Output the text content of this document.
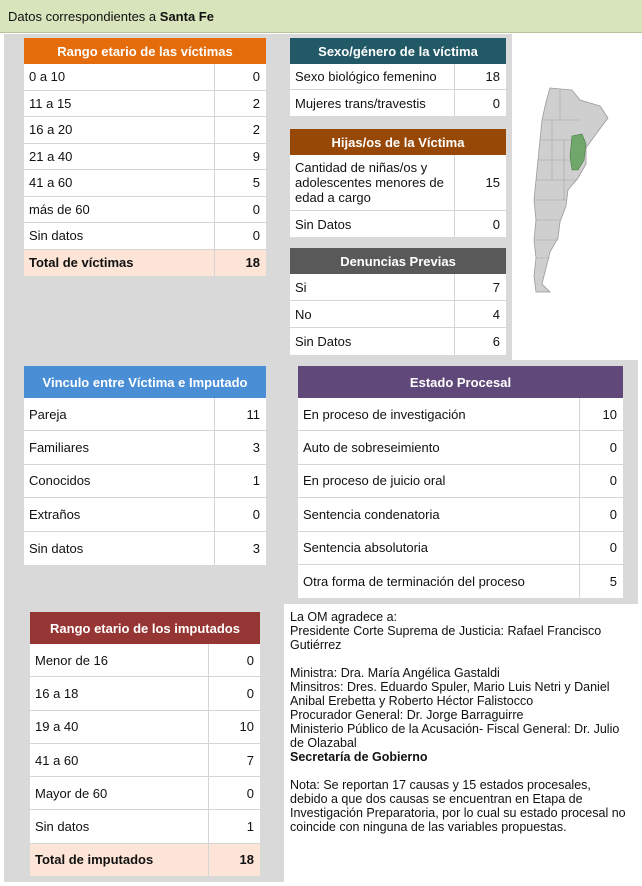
Datos correspondientes a Santa Fe
Rango etario de las víctimas
0 a 10	0
11 a 15	2
16 a 20	2
21 a 40	9
41 a 60	5
más de 60	0
Sin datos	0
Total de víctimas	18
Sexo/género de la víctima
Sexo biológico femenino	18
Mujeres trans/travestis	0
Hijas/os de la Víctima
Cantidad de niñas/os y adolescentes menores de edad a cargo
15
Sin Datos	0
Denuncias Previas
Si	7
No	4
Sin Datos	6
Vinculo entre Víctima e Imputado
Pareja	11
Familiares	3
Conocidos	1
Extraños	0
Sin datos	3
Estado Procesal
En proceso de investigación	10
Auto de sobreseimiento	0
En proceso de juicio oral	0
Sentencia condenatoria	0
Sentencia absolutoria	0
Otra forma de terminación del proceso	5
Rango etario de los imputados
Menor de 16	0
16 a 18	0
19 a 40	10
41 a 60	7
Mayor de 60	0
Sin datos	1
Total de imputados	18

La OM agradece a:

Presidente Corte Suprema de Justicia: Rafael Francisco Gutiérrez

Ministra: Dra. María Angélica Gastaldi

Minsitros: Dres. Eduardo Spuler, Mario Luis Netri y Daniel Anibal Erebetta y Roberto Héctor Falistocco

Procurador General: Dr. Jorge Barraguirre

Ministerio Público de la Acusación- Fiscal General: Dr. Julio de Olazabal

Secretaría de Gobierno

Nota: Se reportan 17 causas y 15 estados procesales, debido a que dos causas se encuentran en Etapa de Investigación Preparatoria, por lo cual su estado procesal no coincide con ninguna de las variables propuestas.
